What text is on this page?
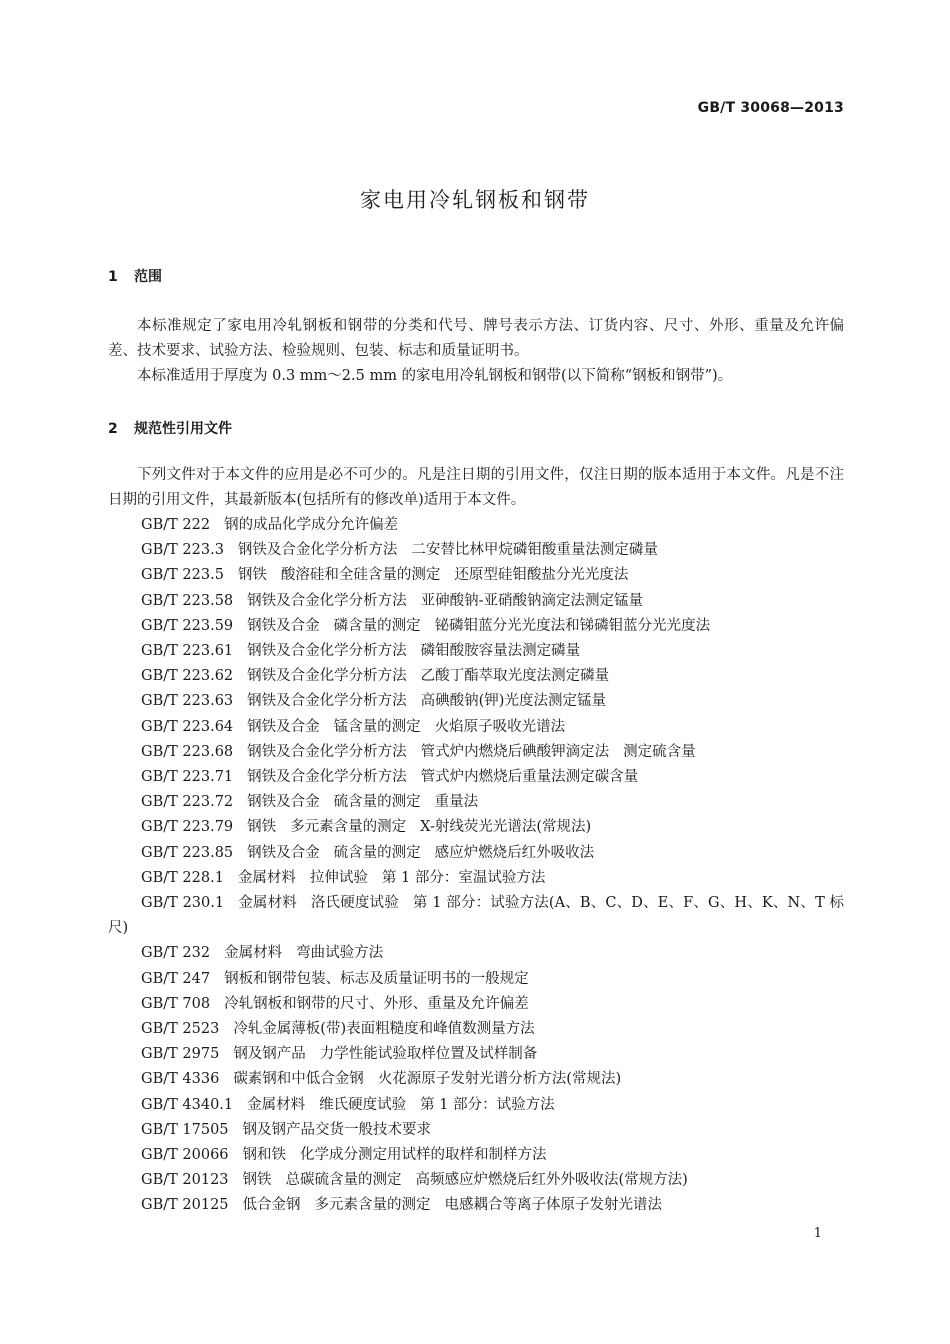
GB/T 30068—2013
家电用冷轧钢板和钢带
1 范围
本标准规定了家电用冷轧钢板和钢带的分类和代号、牌号表示方法、订货内容、尺寸、外形、重量及允许偏差、技术要求、试验方法、检验规则、包装、标志和质量证明书。
本标准适用于厚度为 0.3 mm～2.5 mm 的家电用冷轧钢板和钢带(以下简称“钢板和钢带”)。
2 规范性引用文件
下列文件对于本文件的应用是必不可少的。凡是注日期的引用文件，仅注日期的版本适用于本文件。凡是不注日期的引用文件，其最新版本(包括所有的修改单)适用于本文件。
GB/T 222 钢的成品化学成分允许偏差
GB/T 223.3 钢铁及合金化学分析方法 二安替比林甲烷磷钼酸重量法测定磷量
GB/T 223.5 钢铁 酸溶硅和全硅含量的测定 还原型硅钼酸盐分光光度法
GB/T 223.58 钢铁及合金化学分析方法 亚砷酸钠-亚硝酸钠滴定法测定锰量
GB/T 223.59 钢铁及合金 磷含量的测定 铋磷钼蓝分光光度法和锑磷钼蓝分光光度法
GB/T 223.61 钢铁及合金化学分析方法 磷钼酸胺容量法测定磷量
GB/T 223.62 钢铁及合金化学分析方法 乙酸丁酯萃取光度法测定磷量
GB/T 223.63 钢铁及合金化学分析方法 高碘酸钠(钾)光度法测定锰量
GB/T 223.64 钢铁及合金 锰含量的测定 火焰原子吸收光谱法
GB/T 223.68 钢铁及合金化学分析方法 管式炉内燃烧后碘酸钾滴定法 测定硫含量
GB/T 223.71 钢铁及合金化学分析方法 管式炉内燃烧后重量法测定碳含量
GB/T 223.72 钢铁及合金 硫含量的测定 重量法
GB/T 223.79 钢铁 多元素含量的测定 X-射线荧光光谱法(常规法)
GB/T 223.85 钢铁及合金 硫含量的测定 感应炉燃烧后红外吸收法
GB/T 228.1 金属材料 拉伸试验 第 1 部分：室温试验方法
GB/T 230.1 金属材料 洛氏硬度试验 第 1 部分：试验方法(A、B、C、D、E、F、G、H、K、N、T 标尺)
GB/T 232 金属材料 弯曲试验方法
GB/T 247 钢板和钢带包装、标志及质量证明书的一般规定
GB/T 708 冷轧钢板和钢带的尺寸、外形、重量及允许偏差
GB/T 2523 冷轧金属薄板(带)表面粗糙度和峰值数测量方法
GB/T 2975 钢及钢产品 力学性能试验取样位置及试样制备
GB/T 4336 碳素钢和中低合金钢 火花源原子发射光谱分析方法(常规法)
GB/T 4340.1 金属材料 维氏硬度试验 第 1 部分：试验方法
GB/T 17505 钢及钢产品交货一般技术要求
GB/T 20066 钢和铁 化学成分测定用试样的取样和制样方法
GB/T 20123 钢铁 总碳硫含量的测定 高频感应炉燃烧后红外外吸收法(常规方法)
GB/T 20125 低合金钢 多元素含量的测定 电感耦合等离子体原子发射光谱法
1
